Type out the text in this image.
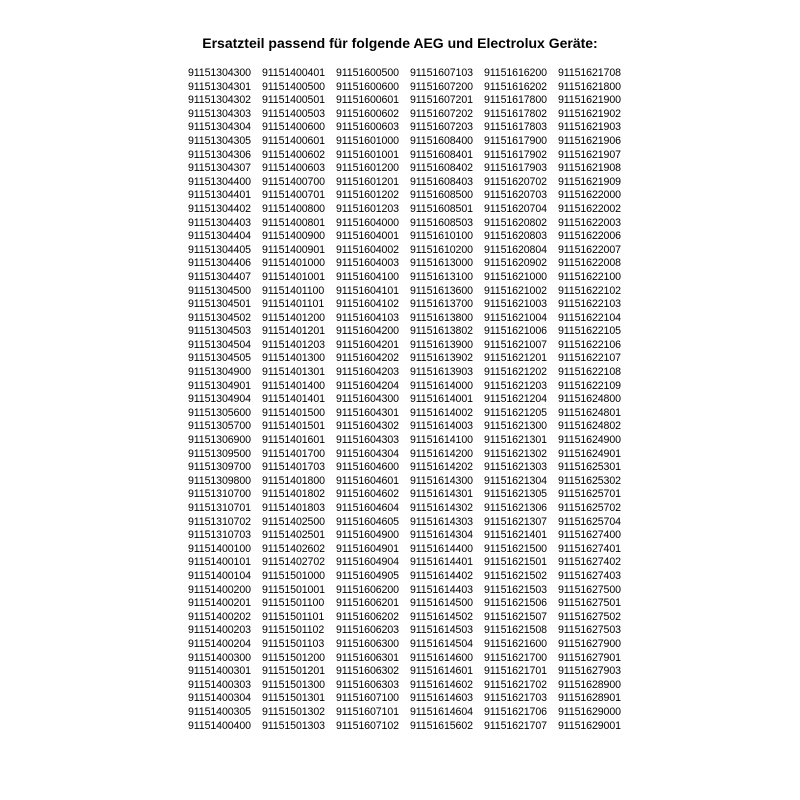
Ersatzteil passend für folgende AEG und Electrolux Geräte:
91151304300
91151304301
91151304302
91151304303
91151304304
91151304305
91151304306
91151304307
91151304400
91151304401
91151304402
91151304403
91151304404
91151304405
91151304406
91151304407
91151304500
91151304501
91151304502
91151304503
91151304504
91151304505
91151304900
91151304901
91151304904
91151305600
91151305700
91151306900
91151309500
91151309700
91151309800
91151310700
91151310701
91151310702
91151310703
91151400100
91151400101
91151400104
91151400200
91151400201
91151400202
91151400203
91151400204
91151400300
91151400301
91151400303
91151400304
91151400305
91151400400
91151400401
91151400500
91151400501
91151400503
91151400600
91151400601
91151400602
91151400603
91151400700
91151400701
91151400800
91151400801
91151400900
91151400901
91151401000
91151401001
91151401100
91151401101
91151401200
91151401201
91151401203
91151401300
91151401301
91151401400
91151401401
91151401500
91151401501
91151401601
91151401700
91151401703
91151401800
91151401802
91151401803
91151402500
91151402501
91151402602
91151402702
91151501000
91151501001
91151501100
91151501101
91151501102
91151501103
91151501200
91151501201
91151501300
91151501301
91151501302
91151501303
91151600500
91151600600
91151600601
91151600602
91151600603
91151601000
91151601001
91151601200
91151601201
91151601202
91151601203
91151604000
91151604001
91151604002
91151604003
91151604100
91151604101
91151604102
91151604103
91151604200
91151604201
91151604202
91151604203
91151604204
91151604300
91151604301
91151604302
91151604303
91151604304
91151604600
91151604601
91151604602
91151604604
91151604605
91151604900
91151604901
91151604904
91151604905
91151606200
91151606201
91151606202
91151606203
91151606300
91151606301
91151606302
91151606303
91151607100
91151607101
91151607102
91151607103
91151607200
91151607201
91151607202
91151607203
91151608400
91151608401
91151608402
91151608403
91151608500
91151608501
91151608503
91151610100
91151610200
91151613000
91151613100
91151613600
91151613700
91151613800
91151613802
91151613900
91151613902
91151613903
91151614000
91151614001
91151614002
91151614003
91151614100
91151614200
91151614202
91151614300
91151614301
91151614302
91151614303
91151614304
91151614400
91151614401
91151614402
91151614403
91151614500
91151614502
91151614503
91151614504
91151614600
91151614601
91151614602
91151614603
91151614604
91151615602
91151616200
91151616202
91151617800
91151617802
91151617803
91151617900
91151617902
91151617903
91151620702
91151620703
91151620704
91151620802
91151620803
91151620804
91151620902
91151621000
91151621002
91151621003
91151621004
91151621006
91151621007
91151621201
91151621202
91151621203
91151621204
91151621205
91151621300
91151621301
91151621302
91151621303
91151621304
91151621305
91151621306
91151621307
91151621401
91151621500
91151621501
91151621502
91151621503
91151621506
91151621507
91151621508
91151621600
91151621700
91151621701
91151621702
91151621703
91151621706
91151621707
91151621708
91151621800
91151621900
91151621902
91151621903
91151621906
91151621907
91151621908
91151621909
91151622000
91151622002
91151622003
91151622006
91151622007
91151622008
91151622100
91151622102
91151622103
91151622104
91151622105
91151622106
91151622107
91151622108
91151622109
91151624800
91151624801
91151624802
91151624900
91151624901
91151625301
91151625302
91151625701
91151625702
91151625704
91151627400
91151627401
91151627402
91151627403
91151627500
91151627501
91151627502
91151627503
91151627900
91151627901
91151627903
91151628900
91151628901
91151629000
91151629001
